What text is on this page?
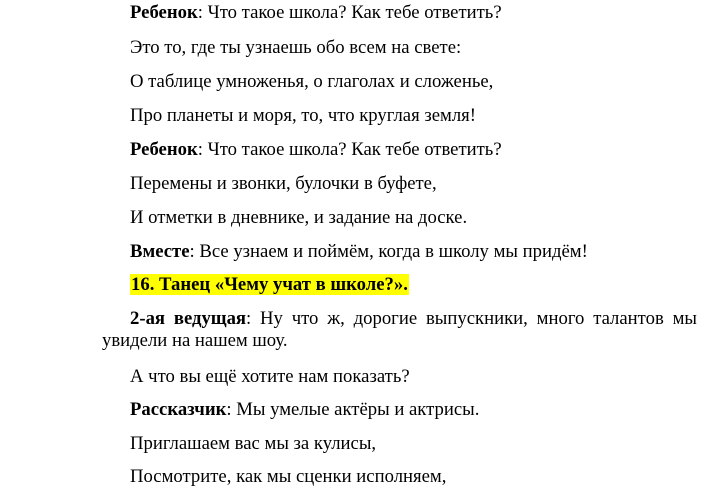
Ребенок: Что такое школа? Как тебе ответить?
Это то, где ты узнаешь обо всем на свете:
О таблице умноженья, о глаголах и сложенье,
Про планеты и моря, то, что круглая земля!
Ребенок: Что такое школа? Как тебе ответить?
Перемены и звонки, булочки в буфете,
И отметки в дневнике, и задание на доске.
Вместе: Все узнаем и поймём, когда в школу мы придём!
16. Танец «Чему учат в школе?».
2-ая ведущая: Ну что ж, дорогие выпускники, много талантов мы
увидели на нашем шоу.
А что вы ещё хотите нам показать?
Рассказчик: Мы умелые актёры и актрисы.
Приглашаем вас мы за кулисы,
Посмотрите, как мы сценки исполняем,
